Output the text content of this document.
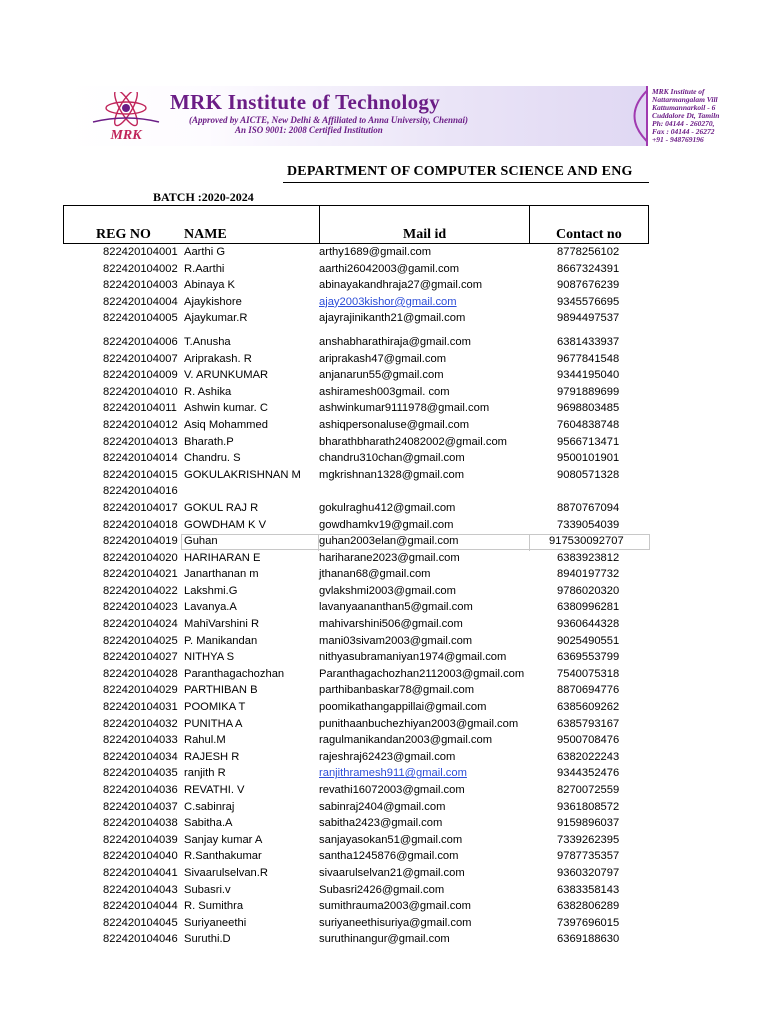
MRK
MRK Institute of Technology
(Approved by AICTE, New Delhi & Affiliated to Anna University, Chennai)
An ISO 9001: 2008 Certified Institution
MRK Institute of
Nattarmangalam Vill
Kattumannarkoil - 6
Cuddalore Dt, Tamiln
Ph: 04144 - 260270,
Fax : 04144 - 26272
+91 - 948769196
DEPARTMENT OF COMPUTER SCIENCE AND ENG
BATCH :2020-2024
REG NO NAME	Mail id	Contact no
822420104001 Aarthi G	arthy1689@gmail.com	8778256102
822420104002 R.Aarthi	aarthi26042003@gamil.com	8667324391
822420104003 Abinaya K	abinayakandhraja27@gmail.com	9087676239
822420104004 Ajaykishore	ajay2003kishor@gmail.com	9345576695
822420104005 Ajaykumar.R	ajayrajinikanth21@gmail.com	9894497537
822420104006 T.Anusha	anshabharathiraja@gmail.com	6381433937
822420104007 Ariprakash. R	ariprakash47@gmail.com	9677841548
822420104009 V. ARUNKUMAR	anjanarun55@gmail.com	9344195040
822420104010 R. Ashika	ashiramesh003gmail. com	9791889699
822420104011 Ashwin kumar. C	ashwinkumar9111978@gmail.com	9698803485
822420104012 Asiq Mohammed	ashiqpersonaluse@gmail.com	7604838748
822420104013 Bharath.P	bharathbharath24082002@gmail.com	9566713471
822420104014 Chandru. S	chandru310chan@gmail.com	9500101901
822420104015 GOKULAKRISHNAN M mgkrishnan1328@gmail.com	9080571328
822420104016
822420104017 GOKUL RAJ R	gokulraghu412@gmail.com	8870767094
822420104018 GOWDHAM K V	gowdhamkv19@gmail.com	7339054039
822420104019 Guhan	guhan2003elan@gmail.com	917530092707
822420104020 HARIHARAN E	hariharane2023@gmail.com	6383923812
822420104021 Janarthanan m	jthanan68@gmail.com	8940197732
822420104022 Lakshmi.G	gvlakshmi2003@gmail.com	9786020320
822420104023 Lavanya.A	lavanyaananthan5@gmail.com	6380996281
822420104024 MahiVarshini R	mahivarshini506@gmail.com	9360644328
822420104025 P. Manikandan	mani03sivam2003@gmail.com	9025490551
822420104027 NITHYA S	nithyasubramaniyan1974@gmail.com	6369553799
822420104028 Paranthagachozhan	Paranthagachozhan2112003@gmail.com	7540075318
822420104029 PARTHIBAN B	parthibanbaskar78@gmail.com	8870694776
822420104031 POOMIKA T	poomikathangappillai@gmail.com	6385609262
822420104032 PUNITHA A	punithaanbuchezhiyan2003@gmail.com	6385793167
822420104033 Rahul.M	ragulmanikandan2003@gmail.com	9500708476
822420104034 RAJESH R	rajeshraj62423@gmail.com	6382022243
822420104035 ranjith R	ranjithramesh911@gmail.com	9344352476
822420104036 REVATHI. V	revathi16072003@gmail.com	8270072559
822420104037 C.sabinraj	sabinraj2404@gmail.com	9361808572
822420104038 Sabitha.A	sabitha2423@gmail.com	9159896037
822420104039 Sanjay kumar A	sanjayasokan51@gmail.com	7339262395
822420104040 R.Santhakumar	santha1245876@gmail.com	9787735357
822420104041 Sivaarulselvan.R	sivaarulselvan21@gmail.com	9360320797
822420104043 Subasri.v	Subasri2426@gmail.com	6383358143
822420104044 R. Sumithra	sumithrauma2003@gmail.com	6382806289
822420104045 Suriyaneethi	suriyaneethisuriya@gmail.com	7397696015
822420104046 Suruthi.D	suruthinangur@gmail.com	6369188630
